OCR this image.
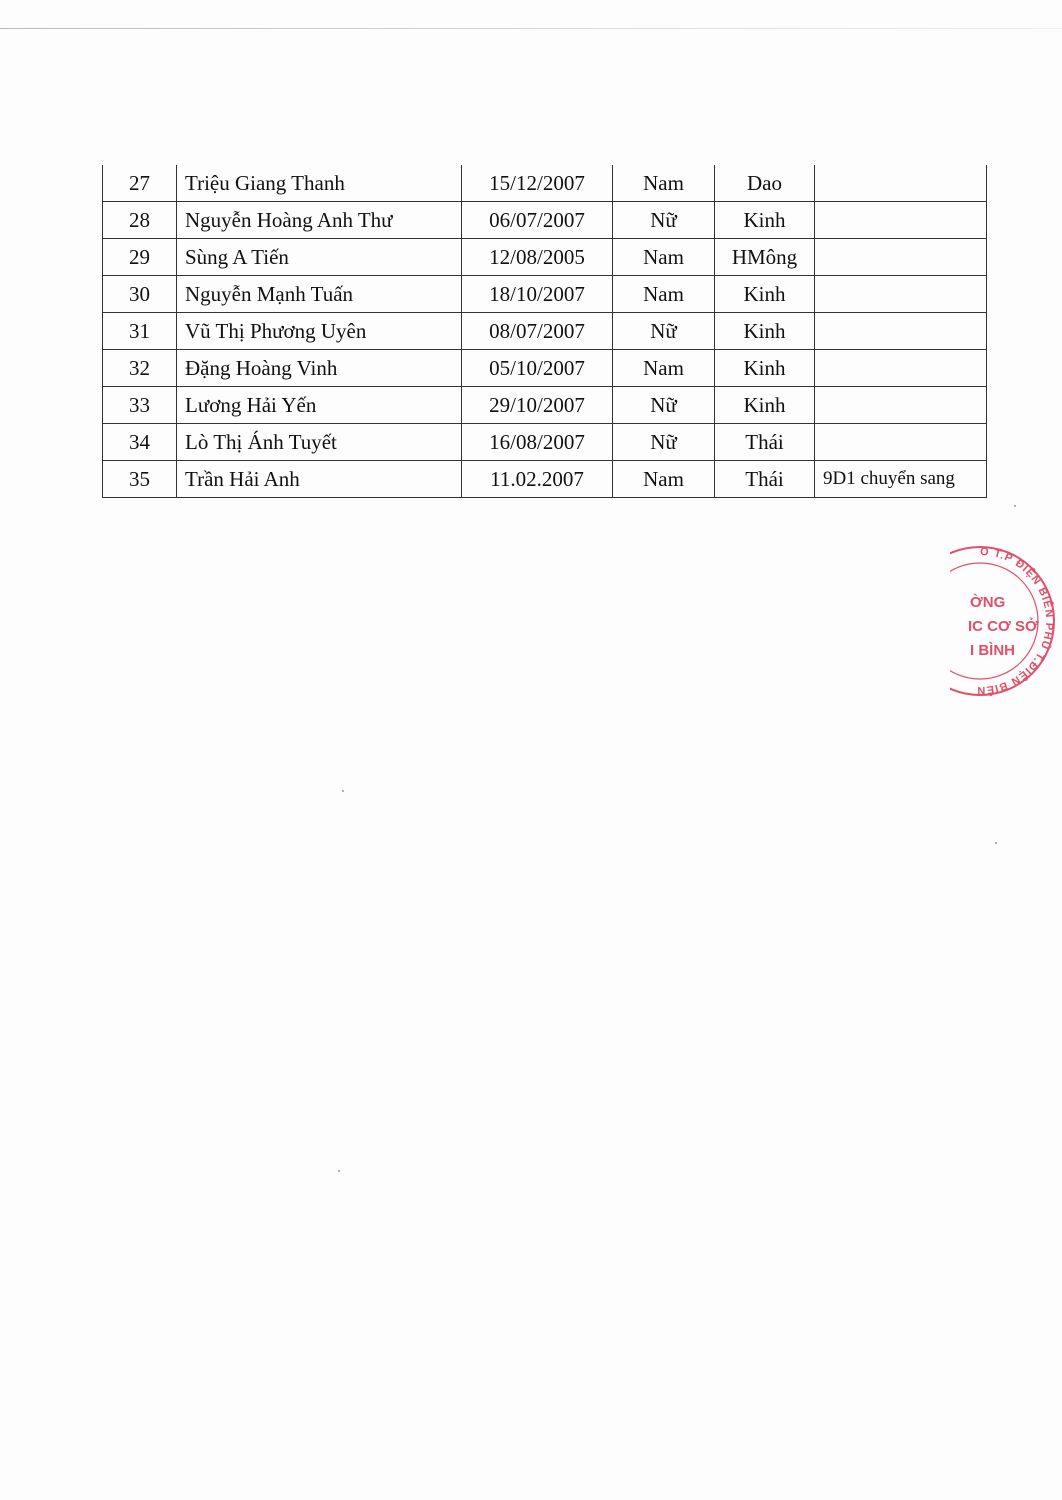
27	Triệu Giang Thanh	15/12/2007	Nam	Dao	
28	Nguyễn Hoàng Anh Thư	06/07/2007	Nữ	Kinh	
29	Sùng A Tiến	12/08/2005	Nam	HMông	
30	Nguyễn Mạnh Tuấn	18/10/2007	Nam	Kinh	
31	Vũ Thị Phương Uyên	08/07/2007	Nữ	Kinh	
32	Đặng Hoàng Vinh	05/10/2007	Nam	Kinh	
33	Lương Hải Yến	29/10/2007	Nữ	Kinh	
34	Lò Thị Ánh Tuyết	16/08/2007	Nữ	Thái	
35	Trần Hải Anh	11.02.2007	Nam	Thái	9D1 chuyển sang
O T.P ĐIỆN BIÊN PHỦ T.ĐIỆN BIÊN
ỜNG
IC CƠ SỞ
I BÌNH
